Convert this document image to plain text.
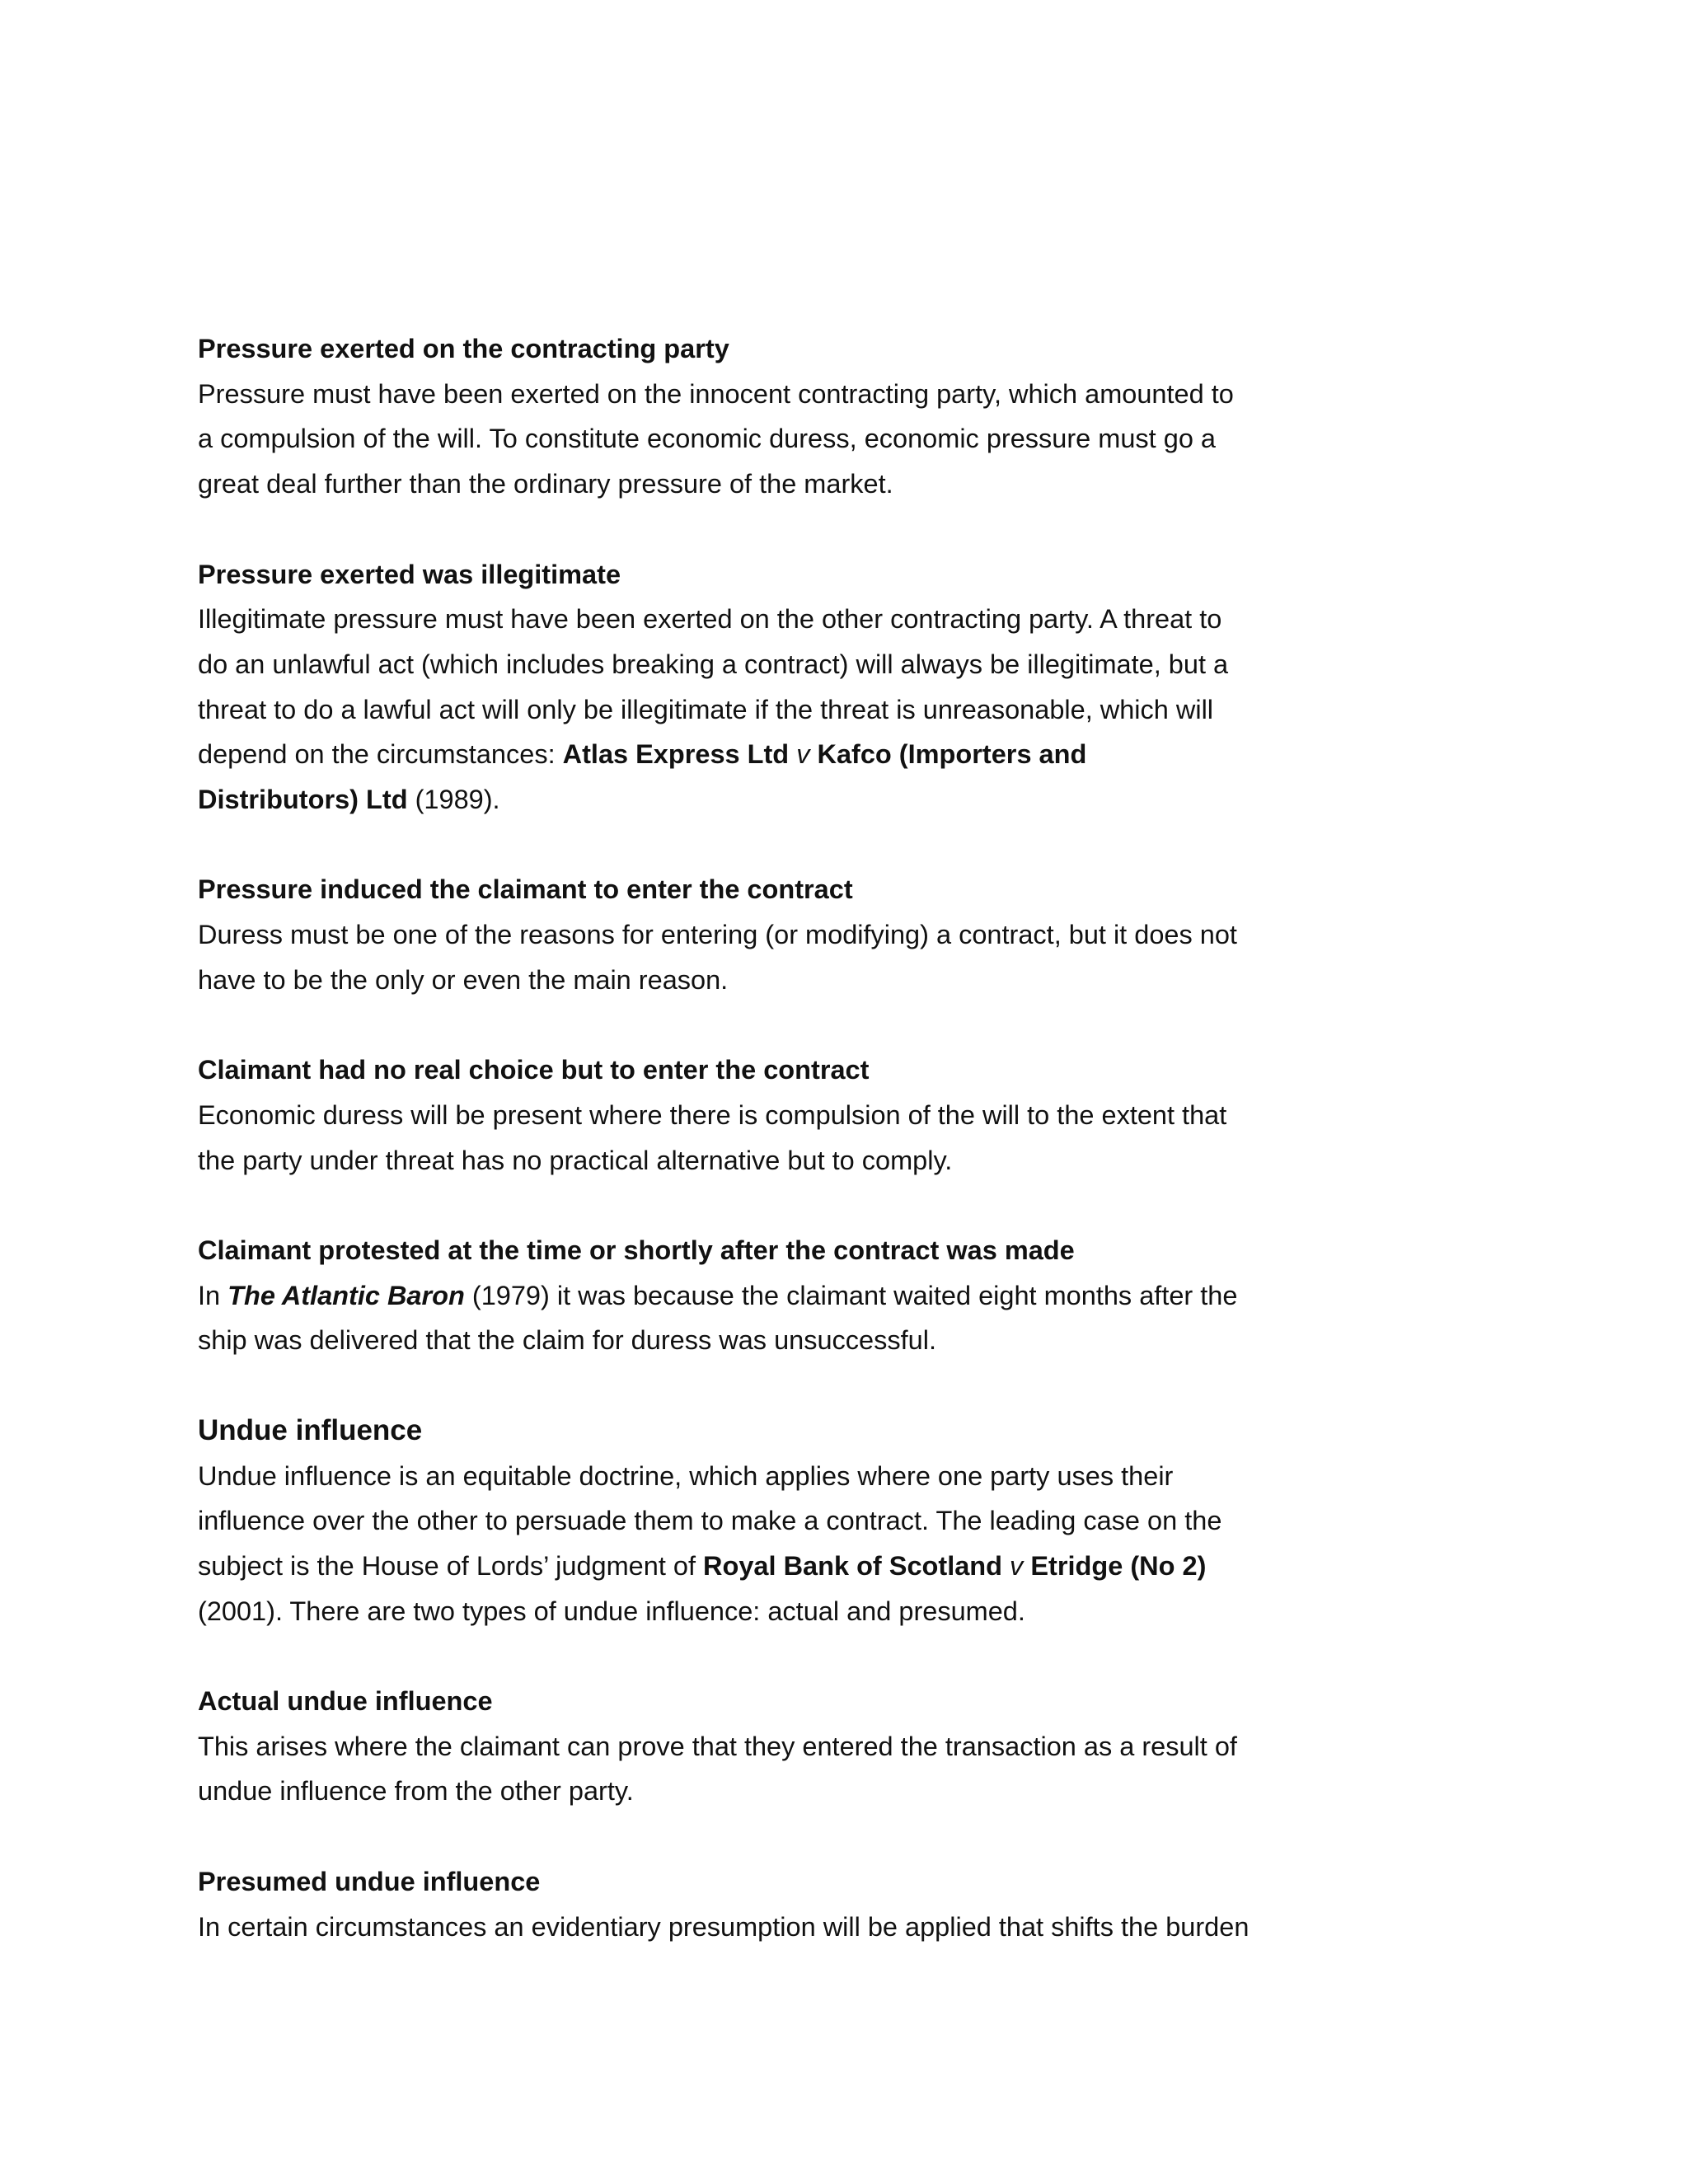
Pressure exerted on the contracting party
Pressure must have been exerted on the innocent contracting party, which amounted to a compulsion of the will. To constitute economic duress, economic pressure must go a great deal further than the ordinary pressure of the market.
Pressure exerted was illegitimate
Illegitimate pressure must have been exerted on the other contracting party. A threat to do an unlawful act (which includes breaking a contract) will always be illegitimate, but a threat to do a lawful act will only be illegitimate if the threat is unreasonable, which will depend on the circumstances: Atlas Express Ltd v Kafco (Importers and Distributors) Ltd (1989).
Pressure induced the claimant to enter the contract
Duress must be one of the reasons for entering (or modifying) a contract, but it does not have to be the only or even the main reason.
Claimant had no real choice but to enter the contract
Economic duress will be present where there is compulsion of the will to the extent that the party under threat has no practical alternative but to comply.
Claimant protested at the time or shortly after the contract was made
In The Atlantic Baron (1979) it was because the claimant waited eight months after the ship was delivered that the claim for duress was unsuccessful.
Undue influence
Undue influence is an equitable doctrine, which applies where one party uses their influence over the other to persuade them to make a contract. The leading case on the subject is the House of Lords’ judgment of Royal Bank of Scotland v Etridge (No 2) (2001). There are two types of undue influence: actual and presumed.
Actual undue influence
This arises where the claimant can prove that they entered the transaction as a result of undue influence from the other party.
Presumed undue influence
In certain circumstances an evidentiary presumption will be applied that shifts the burden
